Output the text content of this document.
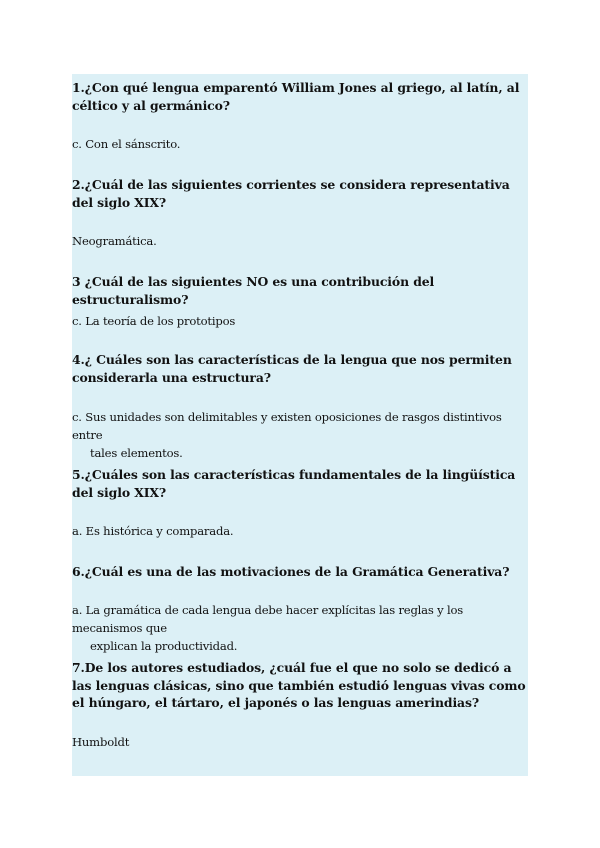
1.¿Con qué lengua emparentó William Jones al griego, al latín, al céltico y al germánico?
c. Con el sánscrito.
2.¿Cuál de las siguientes corrientes se considera representativa del siglo XIX?
Neogramática.
3 ¿Cuál de las siguientes NO es una contribución del estructuralismo?
c. La teoría de los prototipos
4.¿ Cuáles son las características de la lengua que nos permiten considerarla una estructura?
c. Sus unidades son delimitables y existen oposiciones de rasgos distintivos entre
tales elementos.
5.¿Cuáles son las características fundamentales de la lingüística del siglo XIX?
a. Es histórica y comparada.
6.¿Cuál es una de las motivaciones de la Gramática Generativa?
a. La gramática de cada lengua debe hacer explícitas las reglas y los mecanismos que
explican la productividad.
7.De los autores estudiados, ¿cuál fue el que no solo se dedicó a las lenguas clásicas, sino que también estudió lenguas vivas como el húngaro, el tártaro, el japonés o las lenguas amerindias?
Humboldt
